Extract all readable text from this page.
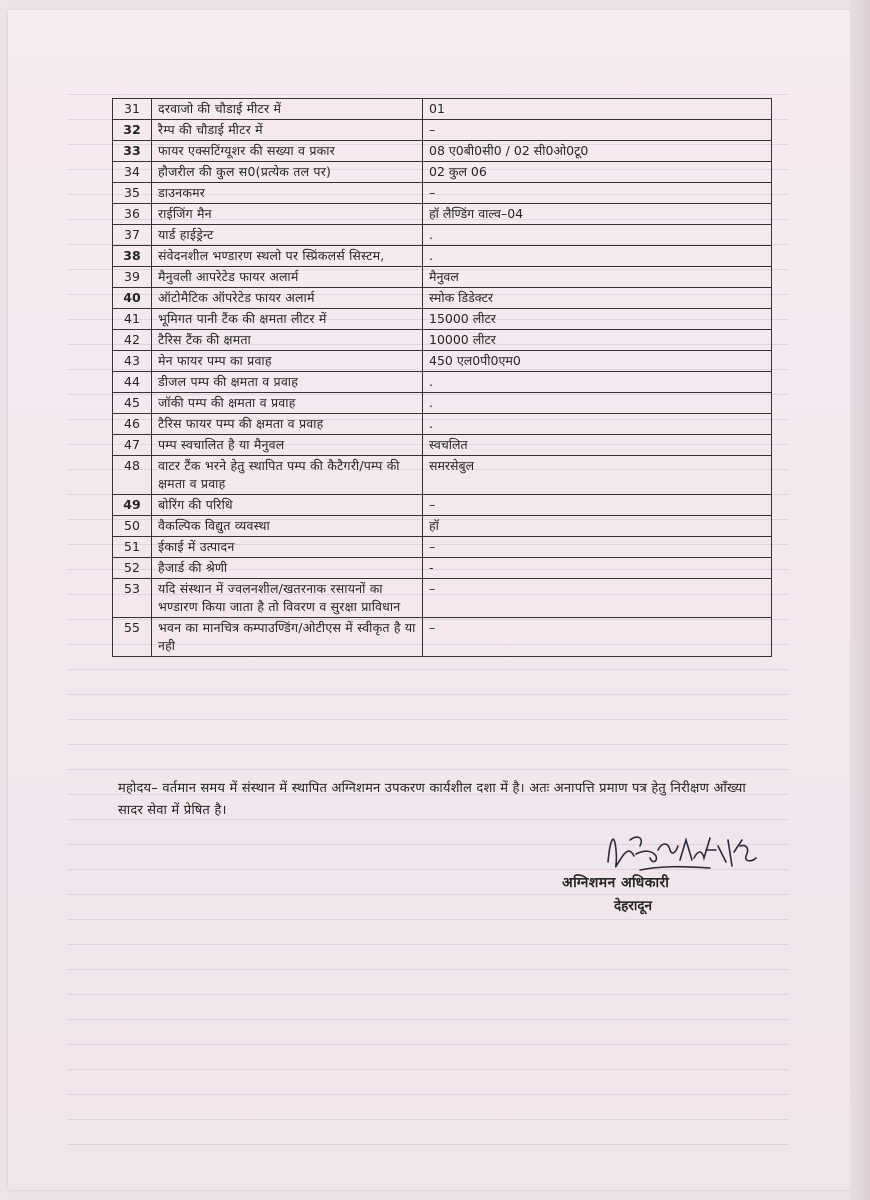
31	दरवाजो की चौडाई मीटर में	01
32	रैम्प की चौडाई मीटर में	–
33	फायर एक्सटिंग्यूशर की सख्या व प्रकार	08 ए0बी0सी0 / 02 सी0ओ0टू0
34	हौजरील की कुल स0(प्रत्येक तल पर)	02 कुल 06
35	डाउनकमर	–
36	राईजिंग मैन	हॉ लैण्डिंग वाल्व–04
37	यार्ड हाईड्रेन्ट	.
38	संवेदनशील भण्डारण स्थलो पर स्प्रिंकलर्स सिस्टम,	.
39	मैनुवली आपरेटेड फायर अलार्म	मैनुवल
40	ऑटोमैटिक ऑपरेटेड फायर अलार्म	स्मोक डिडेक्टर
41	भूमिगत पानी टैंक की क्षमता लीटर में	15000 लीटर
42	टैरिस टैंक की क्षमता	10000 लीटर
43	मेन फायर पम्प का प्रवाह	450 एल0पी0एम0
44	डीजल पम्प की क्षमता व प्रवाह	.
45	जॉकी पम्प की क्षमता व प्रवाह	.
46	टैरिस फायर पम्प की क्षमता व प्रवाह	.
47	पम्प स्वचालित है या मैनुवल	स्वचलित
48	वाटर टैंक भरने हेतु स्थापित पम्प की कैटैगरी/पम्प की क्षमता व प्रवाह	समरसेबुल
49	बोरिंग की परिधि	–
50	वैकल्पिक विद्युत व्यवस्था	हॉ
51	ईकाई में उत्पादन	–
52	हैजार्ड की श्रेणी	-
53	यदि संस्थान में ज्वलनशील/खतरनाक रसायनों का भण्डारण किया जाता है तो विवरण व सुरक्षा प्राविधान	–
55	भवन का मानचित्र कम्पाउण्डिंग/ओटीएस में स्वीकृत है या नही	–
महोदय– वर्तमान समय में संस्थान में स्थापित अग्निशमन उपकरण कार्यशील दशा में है। अतः अनापत्ति प्रमाण पत्र हेतु निरीक्षण आँख्या सादर सेवा में प्रेषित है।
अग्निशमन अधिकारी
देहरादून
